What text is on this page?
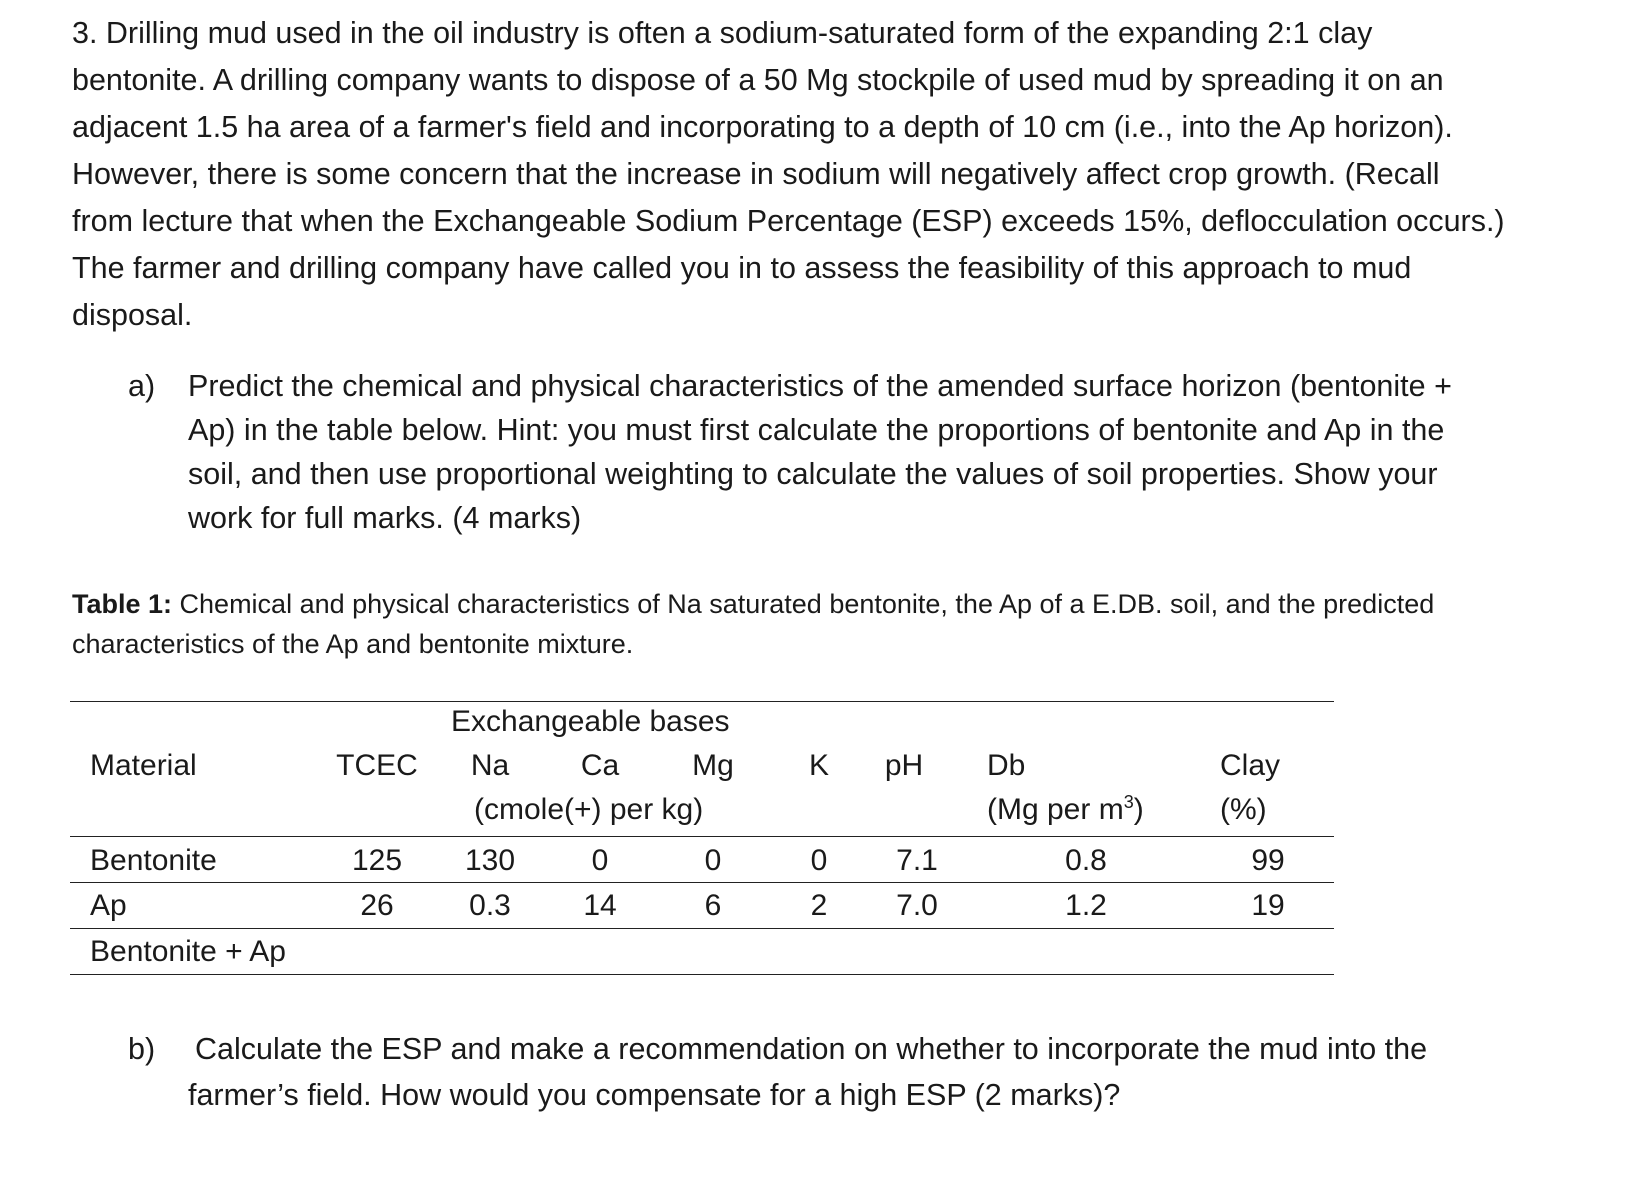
3. Drilling mud used in the oil industry is often a sodium-saturated form of the expanding 2:1 clay
bentonite. A drilling company wants to dispose of a 50 Mg stockpile of used mud by spreading it on an
adjacent 1.5 ha area of a farmer's field and incorporating to a depth of 10 cm (i.e., into the Ap horizon).
However, there is some concern that the increase in sodium will negatively affect crop growth. (Recall
from lecture that when the Exchangeable Sodium Percentage (ESP) exceeds 15%, deflocculation occurs.)
The farmer and drilling company have called you in to assess the feasibility of this approach to mud
disposal.
a) Predict the chemical and physical characteristics of the amended surface horizon (bentonite +
Ap) in the table below. Hint: you must first calculate the proportions of bentonite and Ap in the
soil, and then use proportional weighting to calculate the values of soil properties. Show your
work for full marks. (4 marks)
Table 1: Chemical and physical characteristics of Na saturated bentonite, the Ap of a E.DB. soil, and the predicted
characteristics of the Ap and bentonite mixture.
Exchangeable bases
Material	TCEC Na Ca Mg	K pH Db	Clay
(cmole(+) per kg)	(Mg per $m^3$)	(%)
Bentonite	125 130	0	0	0 7.1	0.8	99
Ap	26	0.3 14	6	2 7.0	1.2	19
Bentonite + Ap
b) Calculate the ESP and make a recommendation on whether to incorporate the mud into the
farmer’s field. How would you compensate for a high ESP (2 marks)?
